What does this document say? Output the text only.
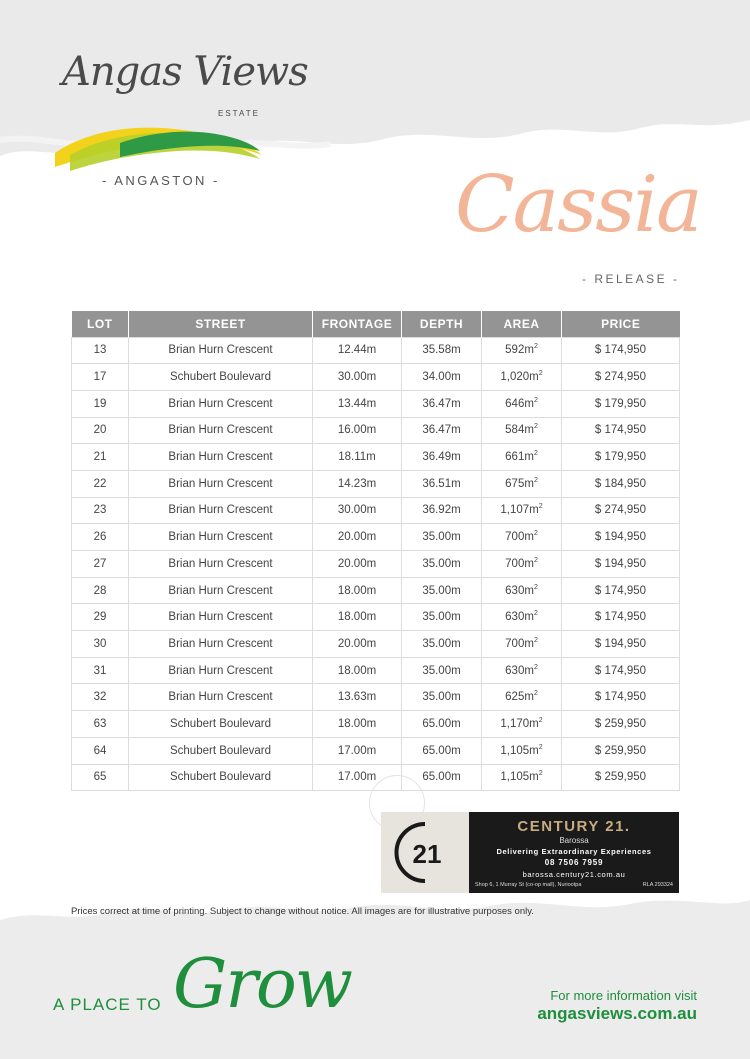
Angas Views
ESTATE
- ANGASTON -	Cassia
- RELEASE -
LOT	STREET	FRONTAGE	DEPTH	AREA	PRICE
13	Brian Hurn Crescent	12.44m	35.58m	$592m^2$	$ 174,950
17	Schubert Boulevard	30.00m	34.00m	$1,020m^2$	$ 274,950
19	Brian Hurn Crescent	13.44m	36.47m	$646m^2$	$ 179,950
20	Brian Hurn Crescent	16.00m	36.47m	$584m^2$	$ 174,950
21	Brian Hurn Crescent	18.11m	36.49m	$661m^2$	$ 179,950
22	Brian Hurn Crescent	14.23m	36.51m	$675m^2$	$ 184,950
23	Brian Hurn Crescent	30.00m	36.92m	$1,107m^2$	$ 274,950
26	Brian Hurn Crescent	20.00m	35.00m	$700m^2$	$ 194,950
27	Brian Hurn Crescent	20.00m	35.00m	$700m^2$	$ 194,950
28	Brian Hurn Crescent	18.00m	35.00m	$630m^2$	$ 174,950
29	Brian Hurn Crescent	18.00m	35.00m	$630m^2$	$ 174,950
30	Brian Hurn Crescent	20.00m	35.00m	$700m^2$	$ 194,950
31	Brian Hurn Crescent	18.00m	35.00m	$630m^2$	$ 174,950
32	Brian Hurn Crescent	13.63m	35.00m	$625m^2$	$ 174,950
63	Schubert Boulevard	18.00m	65.00m	$1,170m^2$	$ 259,950
64	Schubert Boulevard	17.00m	65.00m	$1,105m^2$	$ 259,950
65	Schubert Boulevard	17.00m	65.00m	$1,105m^2$	$ 259,950
21
CENTURY 21.
Barossa
Delivering Extraordinary Experiences
08 7506 7959
barossa.century21.com.au
Shop 6, 1 Murray St (co-op mall), Nuriootpa	RLA 293324
Prices correct at time of printing. Subject to change without notice. All images are for illustrative purposes only.
A PLACE TO Grow	For more information visit
angasviews.com.au
